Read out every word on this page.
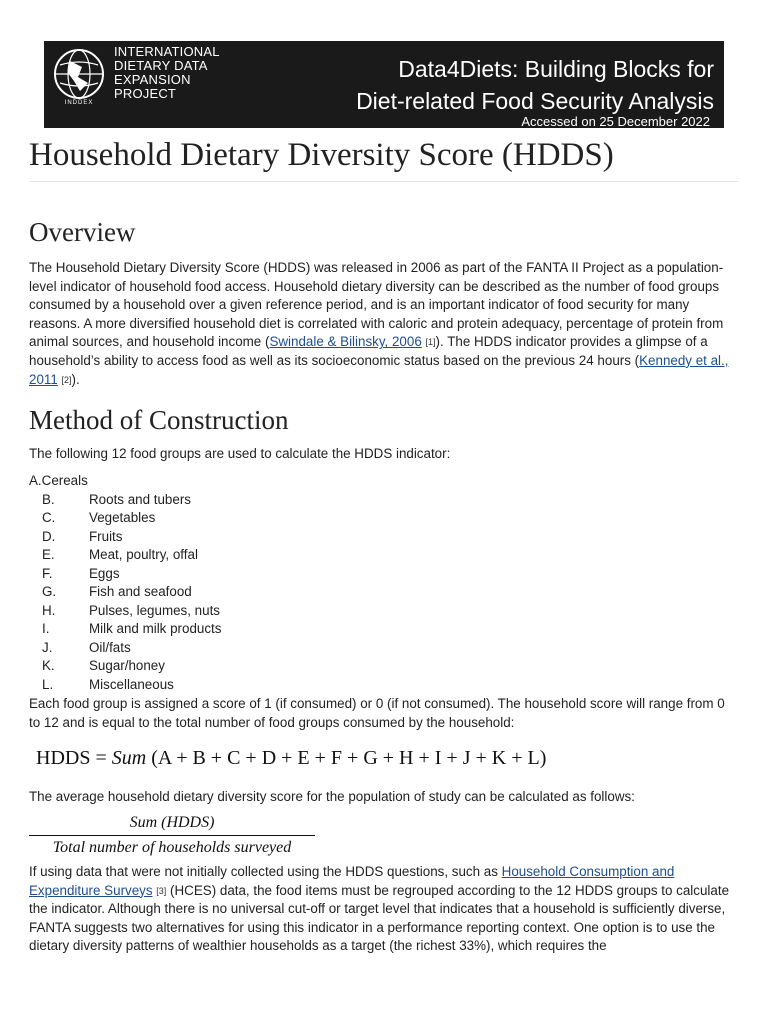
INDDEX
INTERNATIONAL
DIETARY DATA
EXPANSION
PROJECT
Data4Diets: Building Blocks for
Diet-related Food Security Analysis
Accessed on 25 December 2022
Household Dietary Diversity Score (HDDS)
Overview

The Household Dietary Diversity Score (HDDS) was released in 2006 as part of the FANTA II Project as a population-level indicator of household food access. Household dietary diversity can be described as the number of food groups consumed by a household over a given reference period, and is an important indicator of food security for many reasons. A more diversified household diet is correlated with caloric and protein adequacy, percentage of protein from animal sources, and household income (Swindale & Bilinsky, 2006 [1]). The HDDS indicator provides a glimpse of a household’s ability to access food as well as its socioeconomic status based on the previous 24 hours (Kennedy et al., 2011 [2]).

Method of Construction

The following 12 food groups are used to calculate the HDDS indicator:

A.Cereals
B.	Roots and tubers
C.	Vegetables
D.	Fruits
E.	Meat, poultry, offal
F.	Eggs
G. Fish and seafood
H.	Pulses, legumes, nuts
I.	Milk and milk products
J.	Oil/fats
K.	Sugar/honey
L.	Miscellaneous

Each food group is assigned a score of 1 (if consumed) or 0 (if not consumed). The household score will range from 0 to 12 and is equal to the total number of food groups consumed by the household:

HDDS = Sum (A + B + C + D + E + F + G + H + I + J + K + L)

The average household dietary diversity score for the population of study can be calculated as follows:

Sum (HDDS)
Total number of households surveyed

If using data that were not initially collected using the HDDS questions, such as Household Consumption and Expenditure Surveys [3] (HCES) data, the food items must be regrouped according to the 12 HDDS groups to calculate the indicator. Although there is no universal cut-off or target level that indicates that a household is sufficiently diverse, FANTA suggests two alternatives for using this indicator in a performance reporting context. One option is to use the dietary diversity patterns of wealthier households as a target (the richest 33%), which requires the
